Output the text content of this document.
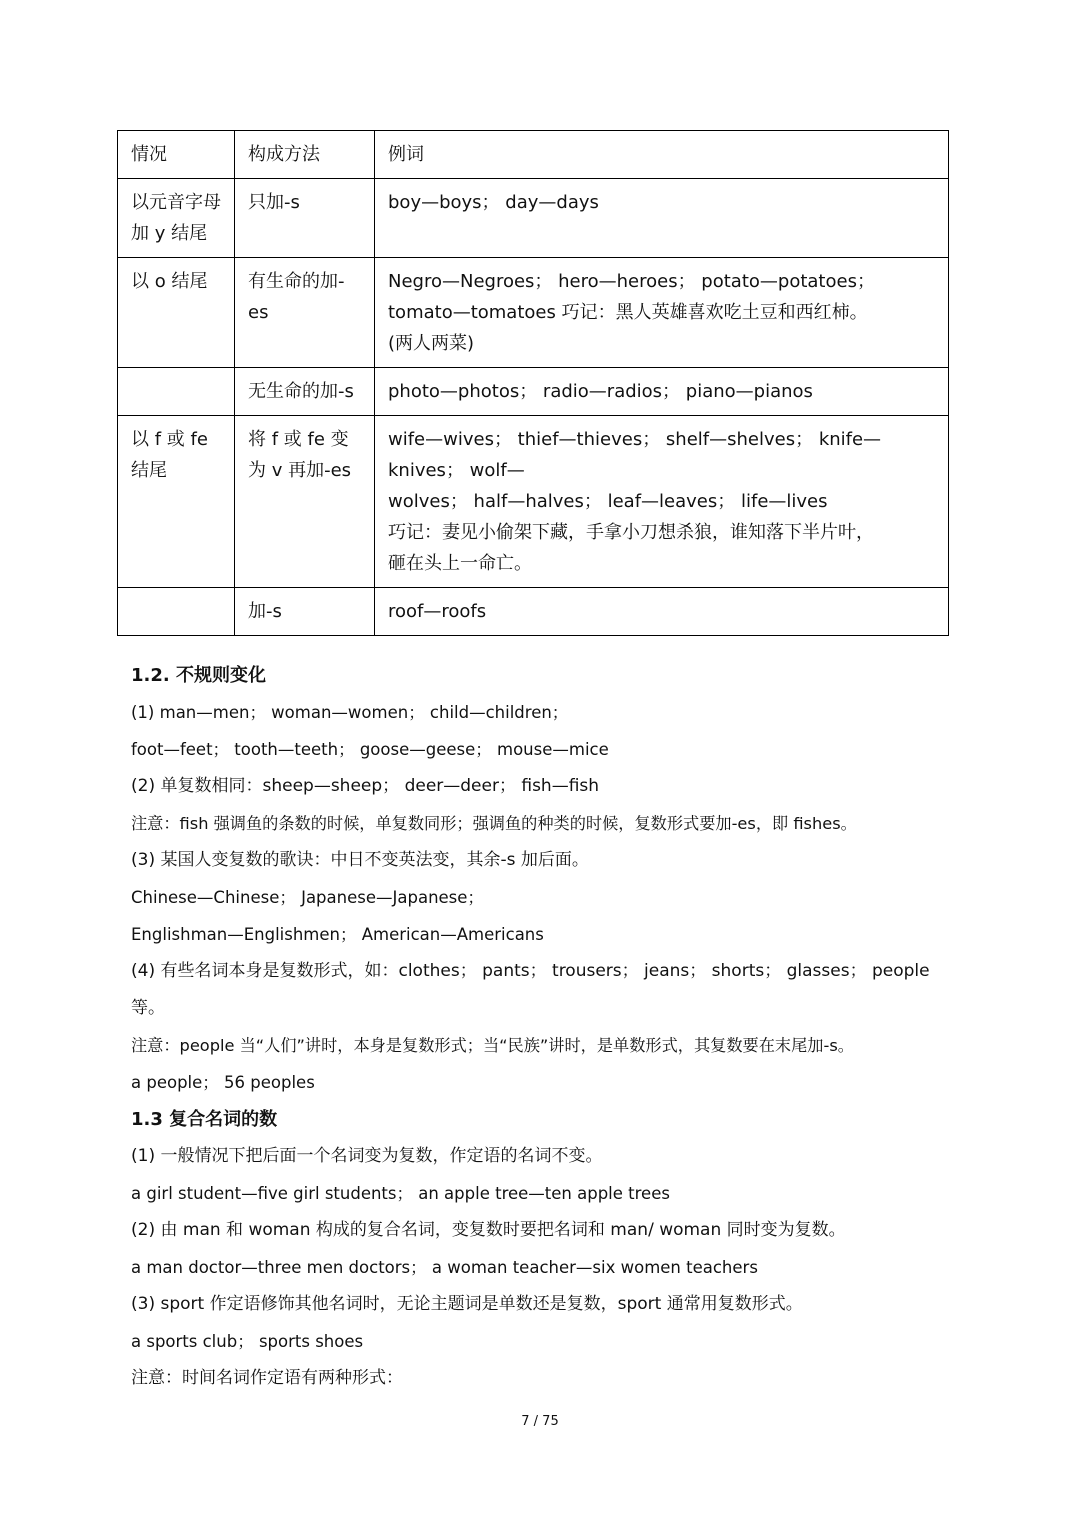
情况	构成方法	例词
以元音字母加 y 结尾	只加-s	boy—boys； day—days

以 o 结尾	有生命的加-es	Negro—Negroes； hero—heroes； potato—potatoes；
tomato—tomatoes 巧记：黑人英雄喜欢吃土豆和西红柿。
(两人两菜)

	无生命的加-s	photo—photos； radio—radios； piano—pianos

以 f 或 fe 结尾	将 f 或 fe 变为 v 再加-es	wife—wives； thief—thieves； shelf—shelves； knife—
knives； wolf—
wolves； half—halves； leaf—leaves； life—lives
巧记：妻见小偷架下藏，手拿小刀想杀狼，谁知落下半片叶，
砸在头上一命亡。

	加-s	roof—roofs
1.2. 不规则变化
(1) man—men； woman—women； child—children；
foot—feet； tooth—teeth； goose—geese； mouse—mice
(2) 单复数相同：sheep—sheep； deer—deer； fish—fish
注意：fish 强调鱼的条数的时候，单复数同形；强调鱼的种类的时候，复数形式要加-es，即 fishes。
(3) 某国人变复数的歌诀：中日不变英法变，其余-s 加后面。
Chinese—Chinese； Japanese—Japanese；
Englishman—Englishmen； American—Americans
(4) 有些名词本身是复数形式，如：clothes； pants； trousers； jeans； shorts； glasses； people 等。
注意：people 当“人们”讲时，本身是复数形式；当“民族”讲时，是单数形式，其复数要在末尾加-s。
a people； 56 peoples
1.3 复合名词的数
(1) 一般情况下把后面一个名词变为复数，作定语的名词不变。
a girl student—five girl students； an apple tree—ten apple trees
(2) 由 man 和 woman 构成的复合名词，变复数时要把名词和 man/ woman 同时变为复数。
a man doctor—three men doctors； a woman teacher—six women teachers
(3) sport 作定语修饰其他名词时，无论主题词是单数还是复数，sport 通常用复数形式。
a sports club； sports shoes
注意：时间名词作定语有两种形式：
7 / 75
